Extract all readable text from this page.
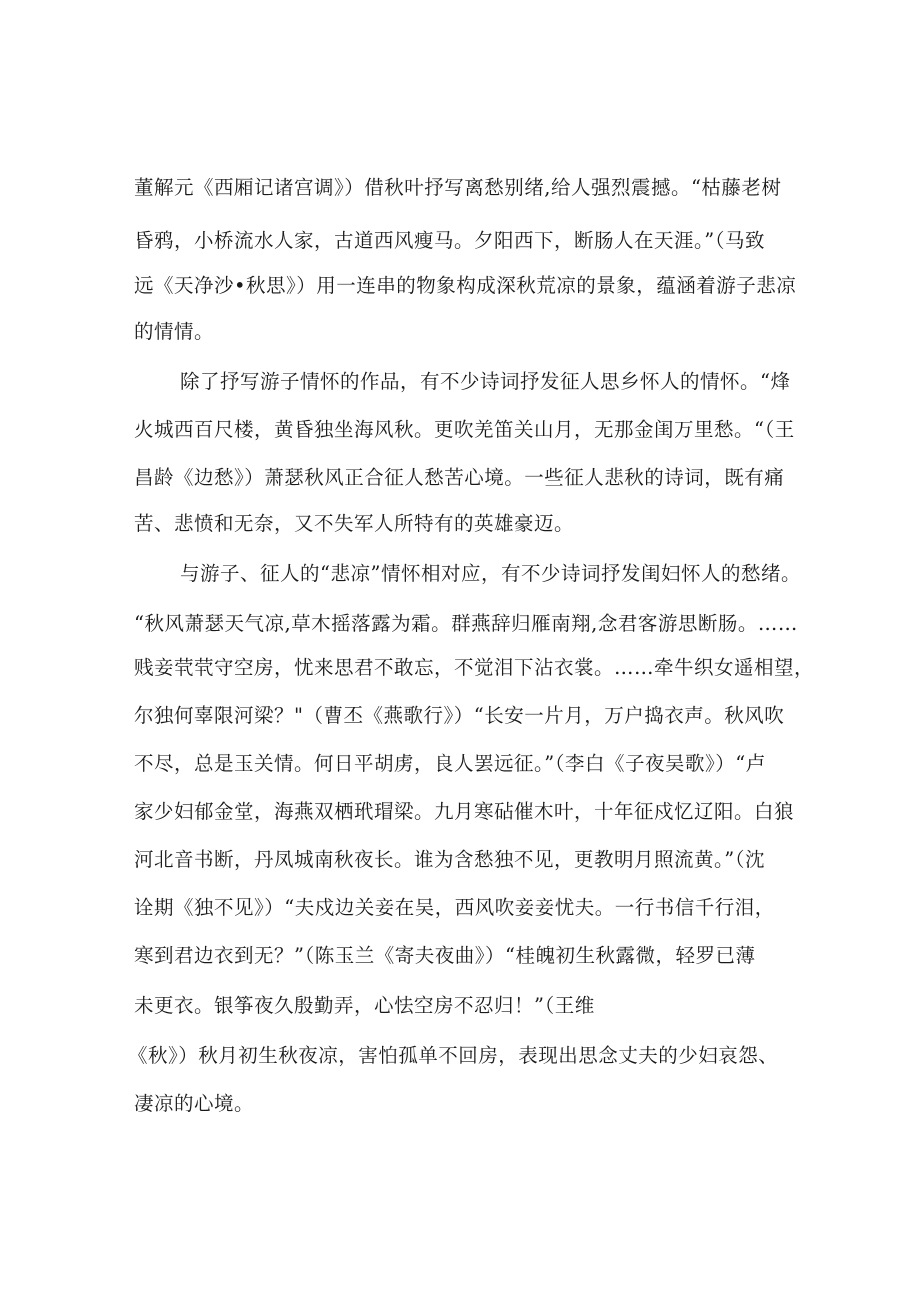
董解元《西厢记诸宫调》）借秋叶抒写离愁别绪,给人强烈震撼。“枯藤老树
昏鸦，小桥流水人家，古道西风瘦马。夕阳西下，断肠人在天涯。”（马致
远《天净沙•秋思》）用一连串的物象构成深秋荒凉的景象，蕴涵着游子悲凉
的情情。
除了抒写游子情怀的作品，有不少诗词抒发征人思乡怀人的情怀。“烽
火城西百尺楼，黄昏独坐海风秋。更吹羌笛关山月，无那金闺万里愁。“（王
昌龄《边愁》）萧瑟秋风正合征人愁苦心境。一些征人悲秋的诗词，既有痛
苦、悲愤和无奈，又不失军人所特有的英雄豪迈。
与游子、征人的“悲凉”情怀相对应，有不少诗词抒发闺妇怀人的愁绪。
“秋风萧瑟天气凉,草木摇落露为霜。群燕辞归雁南翔,念君客游思断肠。……
贱妾茕茕守空房，忧来思君不敢忘，不觉泪下沾衣裳。……牵牛织女遥相望，
尔独何辜限河梁？"（曹丕《燕歌行》）“长安一片月，万户捣衣声。秋风吹
不尽，总是玉关情。何日平胡虏，良人罢远征。”（李白《子夜吴歌》）“卢
家少妇郁金堂，海燕双栖玳瑁梁。九月寒砧催木叶，十年征戍忆辽阳。白狼
河北音书断，丹凤城南秋夜长。谁为含愁独不见，更教明月照流黄。”（沈
诠期《独不见》）“夫戍边关妾在吴，西风吹妾妾忧夫。一行书信千行泪，
寒到君边衣到无？”（陈玉兰《寄夫夜曲》）“桂魄初生秋露微，轻罗已薄
未更衣。银筝夜久殷勤弄，心怯空房不忍归！”（王维
《秋》）秋月初生秋夜凉，害怕孤单不回房，表现出思念丈夫的少妇哀怨、
凄凉的心境。
